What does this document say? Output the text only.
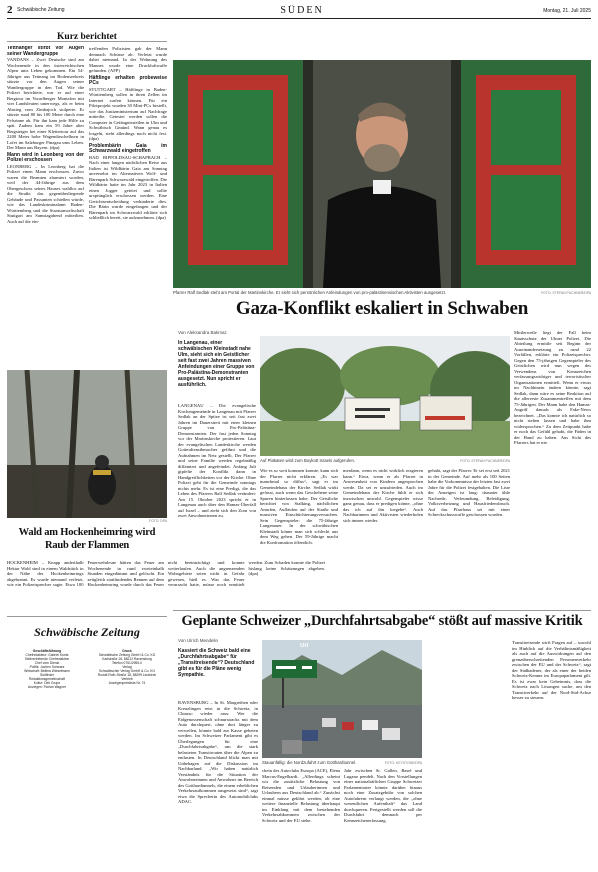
2 Schwäbische Zeitung	SÜDEN	Montag, 21. Juli 2025
Kurz berichtet
Tettnanger stirbt vor Augen seiner Wandergruppe

VANDANS – Zwei Deutsche sind am Wochenende in den österreichischen Alpen ums Leben gekommen. Ein 54-Jähriger aus Tettnang im Bodenseekreis stürzte vor den Augen seiner Wandergruppe in den Tod. Wie die Polizei berichtete, war er auf einer Bergtour im Vorarlberger Montafon mit vier Landsleuten unterwegs, als er beim Abstieg vom Zimbajoch stolperte. Er stürzte rund 80 bis 100 Meter durch eine Felsrinne ab. Für ihn kam jede Hilfe zu spät. Zudem kam ein 59 Jahre alter Bergsteiger bei einer Klettertour auf das 2200 Meter hohe Wagendirschelhorn in Lofer im Salzburger Pinzgau ums Leben. Der Mann aus Bayern. (dpa)

Mann wird in Leonberg von der Polizei erschossen

LEONBERG – In Leonberg hat die Polizei einen Mann erschossen. Zuvor waren die Beamten alarmiert worden, weil der 44-Jährige aus dem Obergeschoss seines Hauses wahllos auf die Straße, das gegenüberliegende Gebäude und Passanten schießen würde, wie das Landeskriminalamt Baden-Württemberg und die Staatsanwaltschaft Stuttgart am Samstagabend mitteilten. Auch auf die ein-

treffenden Polizisten gab der Mann demnach Schüsse ab. Verletzt wurde dabei niemand. In der Wohnung des Mannes wurde eine Druckluftwaffe gefunden. (AFP)

Häftlinge erhalten probeweise PCs

STUTTGART – Häftlinge in Baden-Württemberg sollen in ihren Zellen im Internet surfen können. Für ein Pilotprojekt wurden 30 Mini-PCs bestellt, wie das Justizministerium auf Nachfrage mitteilte. Getestet werden sollen die Computer in Gefängnissteilen in Ulm und Schwäbisch Gmünd. Wann genau es losgeht, steht allerdings noch nicht fest. (dpa)

Problembärin Gaia im Schwarzwald eingetroffen

BAD RIPPOLDSAU-SCHAPBACH – Nach einer langen nächtlichen Reise aus Italien ist Wildbärin Gaia am Sonntag unversehrt im Alternativen Wolf- und Bärenpark Schwarzwald eingetroffen. Die Wildbärin hatte im Jahr 2023 in Italien einen Jogger getötet und sollte ursprünglich erschossen werden. Eine Gerichtsentscheidung verhinderte dies. Die Bärin wurde eingefangen und der Bärenpark im Schwarzwald erklärte sich schließlich bereit, sie aufzunehmen. (dpa)

Pfarrer Ralf Sedlak steht am Portal der Martinskirche. Er sieht sich persönlichen Anfeindungen von pro-palästinensischen Aktivisten ausgesetzt.	FOTO: STEFAN PUCHNER/DPA
Gaza-Konflikt eskaliert in Schwaben
Von Aleksandra Bakmaz
FOTO: DPA
Wald am Hockenheimring wird Raub der Flammen

HOCKENHEIM – Knapp anderthalb Hektar Wald sind in einem Waldstück in der Nähe des Hockenheimrings abgebrannt. Es wurde niemand verletzt, wie ein Polizeisprecher sagte. Etwa 100 Feuerwehrleute hätten das Feuer am Wochenende in rund zweieinhalb Stunden eingedämmt und gelöscht. Ein zeitgleich stattfindendes Rennen auf dem Hockenheimring wurde durch das Feuer nicht beeinträchtigt und konnte weiterlaufen. Auch die angrenzenden Wohngebiete seien nicht in Gefahr gewesen, hieß es. Was das Feuer verursacht hatte, müsse noch ermittelt werden. Zum Schaden konnte die Polizei bislang keine Schätzungen abgeben. (dpa)

In Langenau, einer schwäbischen Kleinstadt nahe Ulm, sieht sich ein Geistlicher seit fast zwei Jahren massiven Anfeindungen einer Gruppe von Pro-Palästina-Demonstranten ausgesetzt. Nun spricht er ausführlich.

LANGENAU – Die evangelische Kirchengemeinde in Langenau mit Pfarrer Sedlak an der Spitze ist seit fast zwei Jahren im Dauerstreit mit einer kleinen Gruppe von Pro-Palästina-Demonstranten. Der fast jeden Sonntag vor der Martinskirche protestieren. Laut der evangelischen Landeskirche werden Gottesdienstbesucher gefilmt und die Aufnahmen im Netz gestellt. Der Pfarrer und seine Familie werden regelmäßig diffamiert und angefeindet. Anfang Juli gipfelte der Konflikt dann in Handgreiflichkeiten vor der Kirche. Ohne Polizei geht für die Gemeinde sonntags nichts mehr. Es ist eine Predigt, die das Leben des Pfarrers Ralf Sedlak verändert: Am 15. Oktober 2023 spricht er in Langenau auch über den Hamas-Überfall auf Israel – und zieht sich den Zorn von zwei Anwohnerinnen zu.

Auf Plakaten wird zum Boykott Israels aufgerufen.	FOTO: STEFAN PUCHNER/DPA

Wie es so weit kommen konnte, kann sich der Pfarrer nicht erklären. „Es war manchmal so diffus“, sagt er im Gemeindehaus der Kirche. Sedlak wirkt gefasst, auch wenn das Geschehene seine Spuren hinterlassen habe. Der Geistliche berichtet von Stalking, nächtlichen Anrufen, Aufläufen auf der Straße und massiven Einschüchterungsversuchen. Sein Gegenspieler: die 75-Jährige Langenauer. In der schwäbischen Kleinstadt könne man sich schlecht aus dem Weg gehen. Der 59-Jährige macht die Konfrontation öffentlich.

merdann, wenn es nicht wirklich reagieren kann.“ Etwa, wenn er als Pfarrer in Anwesenheit von Kindern angesprochen werde. Da sei er unzufrieden. Auch im Gemeindehaus der Kirche fühlt er sich inzwischen unwohl. Gegenspieler wisse ganz genau, dass er predigen könne, „ohne das ich auf ihn loegehe“. Auch Nachbarinnen und Aktivisten wiederholen sich immer wieder.

gehabt, sagt der Pfarrer. Er sei erst seit 2021 in der Gemeinde. Auf mehr als 100 Seiten habe die Vorkommnisse der letzten fast zwei Jahre für die Polizei festgehalten. Die Liste der Anzeigen ist lang: darunter üble Nachrede, Verleumdung, Beleidigung, Volksverhetzung und Hausfriedensbruch. Auf das Pfarrhaus sei mit einer Schreckschusswaffe geschossen worden.

Mittlerweile liegt der Fall beim Staatsschutz der Ulmer Polizei. Die Abteilung ermittle seit Beginn der Auseinandersetzung zu rund 22 Vorfällen, erklärte ein Polizeisprecher. Gegen den 75-jährigen Gegenspieler des Geistlichen wird nun wegen des Verwendens von Kennzeichen verfassungswidriger und terroristischer Organisationen ermittelt. Wenn er etwas im Nachhinein ändern könnte, sagt Sedlak, dann wäre es seine Reaktion auf die allererste Zusammentreffen mit dem 75-Jährigen. Der Mann habe den Hamas-Angriff damals als Fake-News bezeichnet. „Das konnte ich natürlich so nicht stehen lassen und habe ihm widersprochen.“ Zu dem Zeitpunkt habe er noch das Gefühl gehabt, die Fäden in der Hand zu haben. Aus Sicht des Pfarrers hat er nie.

Schwäbische Zeitung
Geschäftsführung
Chefredakteur: Gabriel Kords
Stellvertretende Chefredaktion
Chef vom Dienst
Politik: Jochen Schwarz
Wirtschaft: Bettina Wieselmann
Südfinder
Redaktionsgemeinschaft
Kultur: Dirk Grupe
Anzeigen: Florian Wagner
Druck
Schwäbische Zeitung GmbH & Co. KG
Karlstraße 16, 88212 Ravensburg
Telefon 0751/2955-0
Verlag
Schwäbischer Verlag GmbH & Co. KG
Rudolf-Roth-Straße 18, 88299 Leutkirch
Vertrieb
Anzeigenpreisliste Nr. 74
Geplante Schweizer „Durchfahrtsabgabe“ stößt auf massive Kritik
Von Ulrich Mendelin
Kassiert die Schweiz bald eine „Durchfahrtsabgabe“ für „Transitreisende“? Deutschland gibt es für die Pläne wenig Sympathie.

RAVENSBURG – In St. Margrethen oder Kreuzlingen reist in die Schweiz, in Chiasso wieder raus: Wer die Eidgenossenschaft schnurstracks mit dem Auto durchquert, ohne dort länger zu verweilen, könnte bald zur Kasse gebeten werden. Im Schweizer Parlament gibt es Überlegungen für eine „Durchfahrtsabgabe“, um die stark belasteten Transitrouten über die Alpen zu entlasten. In Deutschland blickt man mit Unbehagen auf die Diskussion im Nachbarland. „Wir haben natürlich Verständnis für die Situation der Anwohnerinnen und Anwohner im Bereich des Gotthardtunnels, die einem erheblichen Verkehrsaufkommen ausgesetzt sind“, sagt etwa die Sprecherin des Automobilclubs ADAC.

Uri
Stauanfällig: die Nordzufahrt zum Gotthardtunnel.	FOTO: KEYSTONE/DPA

chein des Autoclubs Europa (ACE), Elena Marcus-Engelhardt. „Allerdings scheint wir die zusätzliche Belastung von Reisenden und Urlauberinnen und Urlaubern aus Deutschland ab.“ Zunächst einmal müsse geklärt werden, ob eine weitere finanzielle Belastung überhaupt im Einklang mit dem bestehenden Verkehrsabkommen zwischen der Schweiz und der EU stehe.

Jahr zwischen St. Gallen, Basel und Lugano pendelt. Nach den Vorstellungen einer nationalrätlichen Gruppe Schweizer Parlamentarier könnte darüber hinaus noch eine Zusatzgebühr von solchen Autofahrern verlangt werden, die „ohne wesentlichen Aufenthalt“ das Land durchqueren. Festgestellt werden soll die Durchfahrt demnach per Kennzeichenerfassung.

Transitreisende wirft Fragen auf – sowohl im Hinblick auf die Verhältnismäßigkeit als auch auf die Auswirkungen auf den grenzüberschreitenden Personenverkehr zwischen der EU und der Schweiz“, sagt der Südbadener, der als einer der beiden Schweiz-Kenner im Europaparlament gilt. Es ist zwar kein Geheimnis, dass die Schweiz nach Lösungen suche, um den Transitverkehr auf der Nord-Süd-Achse besser zu steuern.
